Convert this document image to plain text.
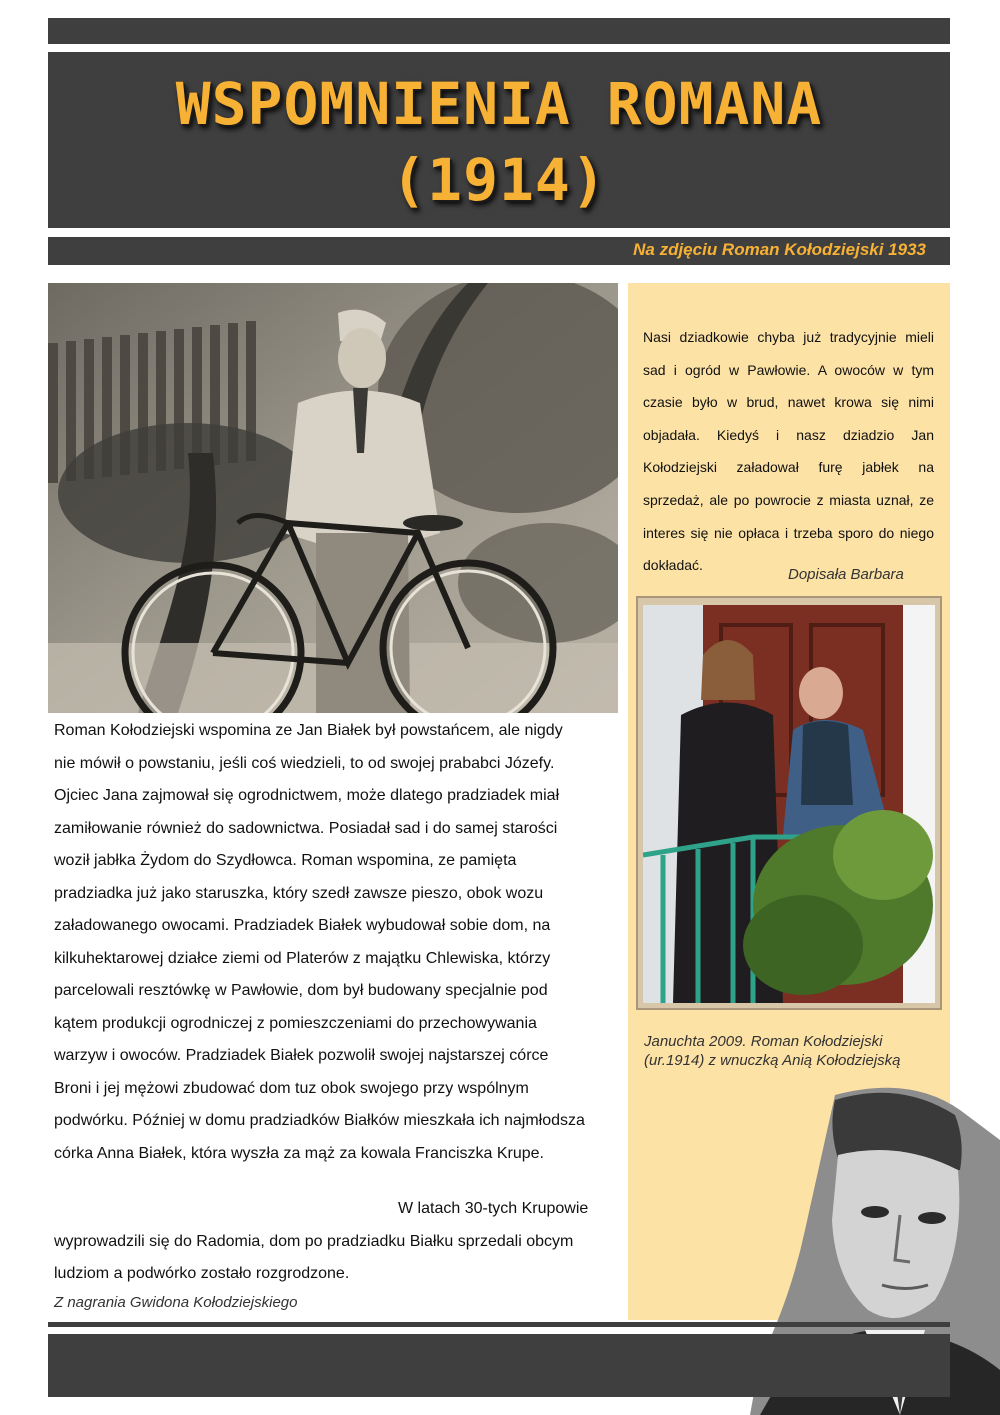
WSPOMNIENIA ROMANA
(1914)

Na zdjęciu Roman Kołodziejski 1933

Nasi dziadkowie chyba już tradycyjnie mieli sad i ogród w Pawłowie. A owoców w tym czasie było w brud, nawet krowa się nimi objadała. Kiedyś i nasz dziadzio Jan Kołodziejski załadował furę jabłek na sprzedaż, ale po powrocie z miasta uznał, ze interes się nie opłaca i trzeba sporo do niego dokładać.

Dopisała Barbara

Januchta 2009. Roman Kołodziejski (ur.1914) z wnuczką Anią Kołodziejską

Roman Kołodziejski wspomina ze Jan Białek był powstańcem, ale nigdy
nie mówił o powstaniu, jeśli coś wiedzieli, to od swojej prababci Józefy.
Ojciec Jana zajmował się ogrodnictwem, może dlatego pradziadek miał
zamiłowanie również do sadownictwa. Posiadał sad i do samej starości
woził jabłka Żydom do Szydłowca. Roman wspomina, ze pamięta
pradziadka już jako staruszka, który szedł zawsze pieszo, obok wozu
załadowanego owocami. Pradziadek Białek wybudował sobie dom, na
kilkuhektarowej działce ziemi od Platerów z majątku Chlewiska, którzy
parcelowali resztówkę w Pawłowie, dom był budowany specjalnie pod
kątem produkcji ogrodniczej z pomieszczeniami do przechowywania
warzyw i owoców. Pradziadek Białek pozwolił swojej najstarszej córce
Broni i jej mężowi zbudować dom tuz obok swojego przy wspólnym
podwórku. Później w domu pradziadków Białków mieszkała ich najmłodsza
córka Anna Białek, która wyszła za mąż za kowala Franciszka Krupe.

W latach 30-tych Krupowie
wyprowadzili się do Radomia, dom po pradziadku Białku sprzedali obcym
ludziom a podwórko zostało rozgrodzone.

Z nagrania Gwidona Kołodziejskiego
